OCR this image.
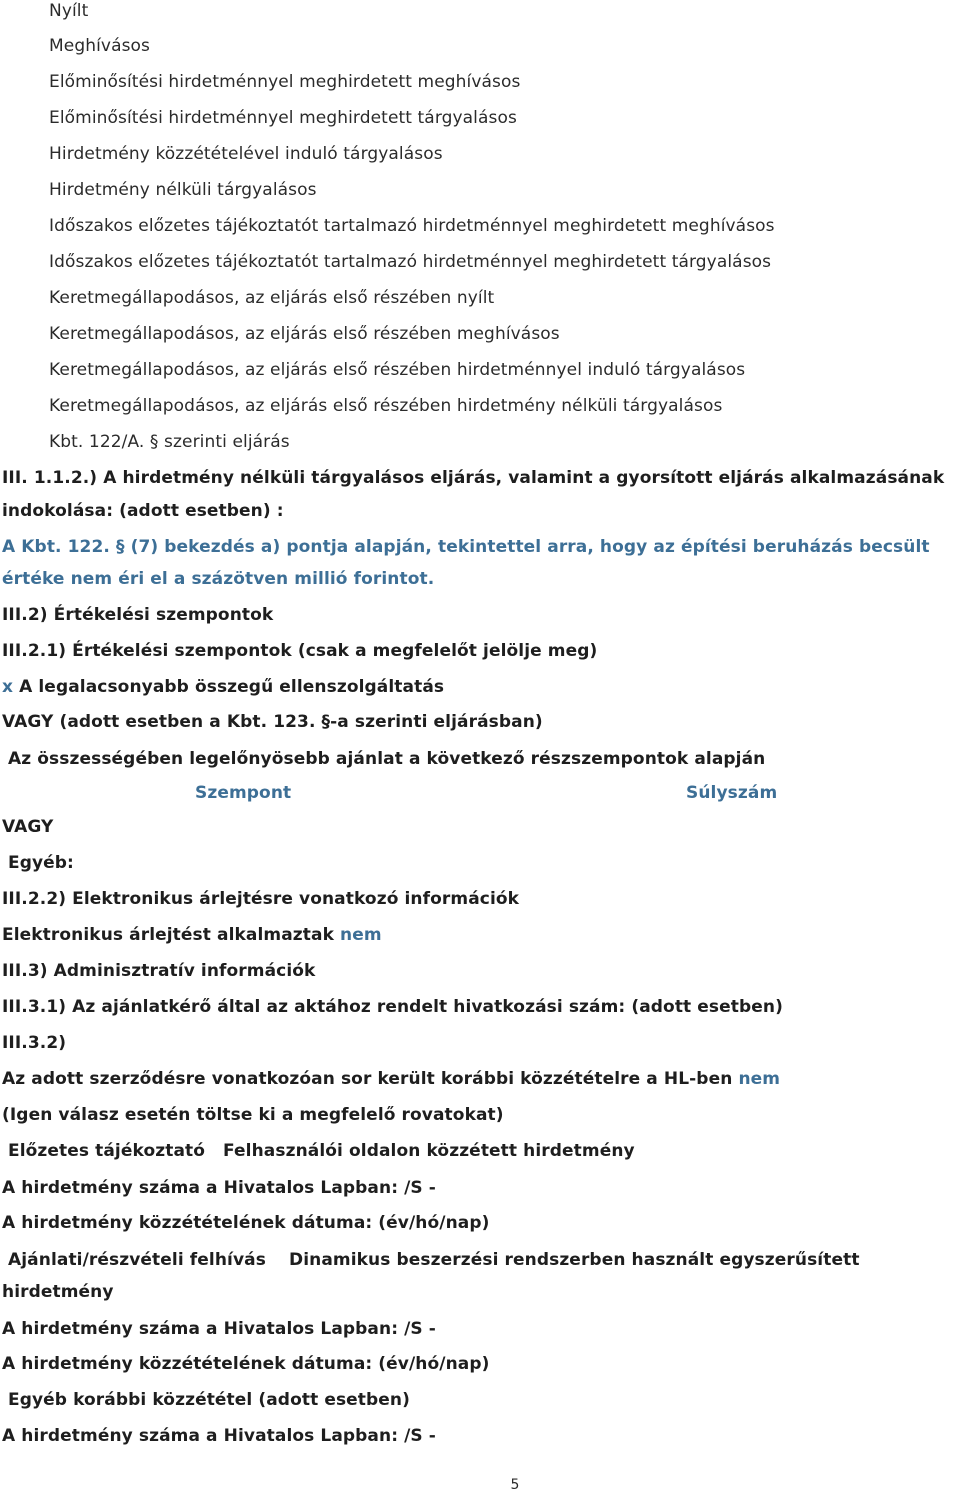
Nyílt
Meghívásos
Előminősítési hirdetménnyel meghirdetett meghívásos
Előminősítési hirdetménnyel meghirdetett tárgyalásos
Hirdetmény közzétételével induló tárgyalásos
Hirdetmény nélküli tárgyalásos
Időszakos előzetes tájékoztatót tartalmazó hirdetménnyel meghirdetett meghívásos
Időszakos előzetes tájékoztatót tartalmazó hirdetménnyel meghirdetett tárgyalásos
Keretmegállapodásos, az eljárás első részében nyílt
Keretmegállapodásos, az eljárás első részében meghívásos
Keretmegállapodásos, az eljárás első részében hirdetménnyel induló tárgyalásos
Keretmegállapodásos, az eljárás első részében hirdetmény nélküli tárgyalásos
Kbt. 122/A. § szerinti eljárás
III. 1.1.2.) A hirdetmény nélküli tárgyalásos eljárás, valamint a gyorsított eljárás alkalmazásának
indokolása: (adott esetben) :
A Kbt. 122. § (7) bekezdés a) pontja alapján, tekintettel arra, hogy az építési beruházás becsült
értéke nem éri el a százötven millió forintot.
III.2) Értékelési szempontok
III.2.1) Értékelési szempontok (csak a megfelelőt jelölje meg)
x A legalacsonyabb összegű ellenszolgáltatás
VAGY (adott esetben a Kbt. 123. §-a szerinti eljárásban)
Az összességében legelőnyösebb ajánlat a következő részszempontok alapján
Szempont	Súlyszám
VAGY
Egyéb:
III.2.2) Elektronikus árlejtésre vonatkozó információk
Elektronikus árlejtést alkalmaztak nem
III.3) Adminisztratív információk
III.3.1) Az ajánlatkérő által az aktához rendelt hivatkozási szám: (adott esetben)
III.3.2)
Az adott szerződésre vonatkozóan sor került korábbi közzétételre a HL-ben nem
(Igen válasz esetén töltse ki a megfelelő rovatokat)
Előzetes tájékoztató Felhasználói oldalon közzétett hirdetmény
A hirdetmény száma a Hivatalos Lapban: /S -
A hirdetmény közzétételének dátuma: (év/hó/nap)
Ajánlati/részvételi felhívás Dinamikus beszerzési rendszerben használt egyszerűsített
hirdetmény
A hirdetmény száma a Hivatalos Lapban: /S -
A hirdetmény közzétételének dátuma: (év/hó/nap)
Egyéb korábbi közzététel (adott esetben)
A hirdetmény száma a Hivatalos Lapban: /S -
5
